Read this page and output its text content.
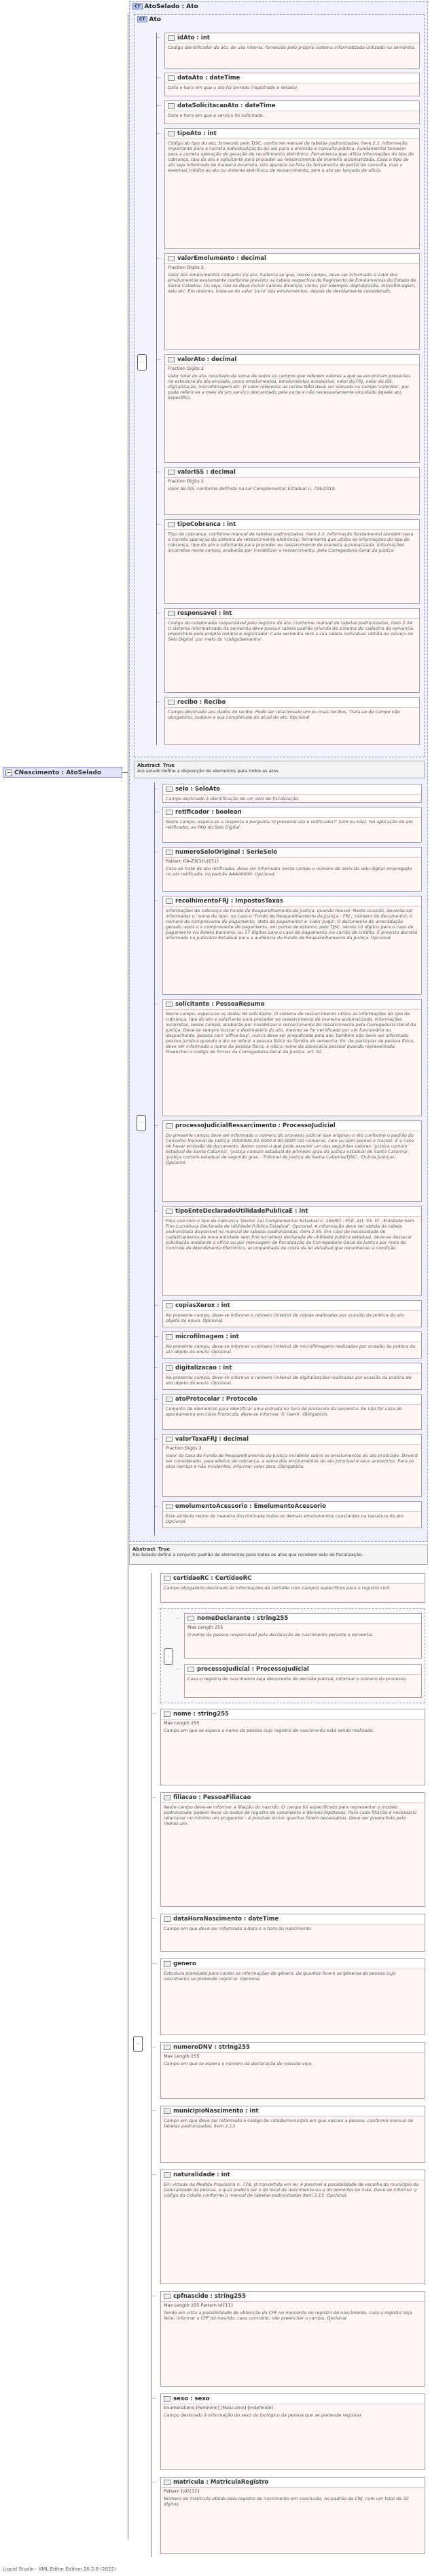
− CNascimento : AtoSelado
CT AtoSelado : Ato
CT Ato
⋯
idAto : int
Código identificador do ato, de uso interno, fornecido pelo próprio sistema informatizado utilizado na serventia.
—
dataAto : dateTime
Data e hora em que o ato foi lavrado (registrado e selado).
—
dataSolicitacaoAto : dateTime
Data e hora em que o serviço foi solicitado.
—
tipoAto : int
Código do tipo do ato, fornecido pelo TJSC, conforme manual de tabelas padronizadas, item 2.1. Informação importante para a correta individualização do ato para a emissão e consulta pública. Fundamental também para a correta operação de geração de recolhimento eletrônico. Ferramenta que utiliza informações do tipo de cobrança, tipo do ato e solicitante para proceder ao ressarcimento de maneira automatizada. Caso o tipo de ato seja informado de maneira incorreta, isto aparece na lista da ferramenta do portal de consulta, mas o eventual crédito ao ato no sistema eletrônico de ressarcimento, sem o ato ser lançado de ofício.
—
valorEmolumento : decimal
Fraction Digits 2
Valor dos emolumentos cobrados no ato. Salienta-se que, nesse campo, deve ser informado o valor dos emolumentos exatamente conforme previsto na tabela respectiva do Regimento de Emolumentos do Estado de Santa Catarina. Ou seja, não se deve incluir valores diversos, como, por exemplo, digitalização, microfilmagem, selo etc. Em resumo, trata-se do valor 'puro' dos emolumentos, depois de devidamente considerado.
—
valorAto : decimal
Fraction Digits 2
Valor total do ato, resultado da soma de todos os campos que referem valores a que se encontram presentes na estrutura do ato enviado, como emolumentos, emolumentos acessórios, valor do FRJ, valor do ISS, digitalização, microfilmagem etc. O valor referente ao recibo NÃO deve ser somado no campo 'valorAto', por pode referir-se a mais de um serviço demandado pela parte e não necessariamente vinculado àquele ato específico.
—
valorISS : decimal
Fraction Digits 2
Valor do ISS, conforme definido na Lei Complementar Estadual n. 726/2018.
—
tipoCobranca : int
Tipo de cobrança, conforme manual de tabelas padronizadas, item 2.2. Informação fundamental também para a correta operação do sistema de ressarcimento eletrônico, ferramenta que utiliza as informações do tipo de cobrança, tipo do ato e solicitante para proceder ao ressarcimento de maneira automatizada. Informações incorretas neste campo, acabarão por inviabilizar o ressarcimento, pela Corregedoria-Geral da Justiça.
—
responsavel : int
Código do colaborador responsável pelo registro do ato, conforme manual de tabelas padronizadas, item 2.34. O sistema informatizado da serventia deve possuir tabela padrão oriunda do sistema do cadastro da serventia, preenchido pelo próprio notário e registrador. Cada serventia terá a sua tabela individual, obtida no serviço do Selo Digital, por meio do 'códigoServentia'.
—
recibo : Recibo
Campo destinado aos dados do recibo. Pode ser relacionado um ou mais recibos. Trata-se de campo não obrigatório, todavia a sua completude do atual do ato. Opcional.
—
Abstract True
Ato selado define a disposição de elementos para todos os atos.
⋯
selo : SeloAto
Campo destinado à identificação de um selo de fiscalização.
—
retificador : boolean
Neste campo, espera-se a resposta à pergunta 'O presente ato é retificador?' (sim ou não). Há aplicação do ato retificador, as FAQ do Selo Digital.
—
numeroSeloOriginal : SerieSelo
Pattern ([A-Z]{3}\d{5})
Caso se trate de ato retificador, deve ser informado nesse campo o número de série do selo digital empregado no ato retificado, no padrão AAA00000. Opcional.
—
recolhimentoFRJ : ImpostosTaxas
Informações de cobrança do Fundo de Reaparelhamento da Justiça, quando houver. Neste ocasião, deverão ser informados o 'nome do tipo', no caso o 'Fundo de Reaparelhamento da Justiça - FRJ'; 'número do documento', o número do comprovante de pagamento; 'data do pagamento' e 'valor pago'. O documento de arrecadação gerado, após o o comprovante de pagamento, em portal de estorno, pelo TJSC, sendo 10 dígitos para o caso de pagamento via boleto bancário, ou 17 dígitos para o caso de pagamento via cartão de crédito. É previsto decreto informado no Judiciário Estadual para a audiência do Fundo de Reaparelhamento da Justiça. Opcional.
—
solicitante : PessoaResumo
Neste campo, espera-se os dados do solicitante. O sistema de ressarcimento utiliza as informações do tipo de cobrança, tipo do ato e solicitante para proceder ao ressarcimento de maneira automatizada. Informações incorretas, nesse campo, acabarão por inviabilizar o ressarcimento do ressarcimento pela Corregedoria-Geral da Justiça. Deve-se sempre buscar o destinatário do ato, mesmo se for certificado por um funcionário ou despachante, pessoa com 'office-boy', nunca deve ser prejudicado pelo ato; também não deve ser informado pessoa jurídica quando o ato se referir a pessoa física da família da serventia: Ex: de particular de pessoa física, deve ser informado o nome da pessoa física, e não o nome da advocacia pessoal quando representada. Preencher o código de firmas da Corregedoria-Geral da Justiça, art. 52.
—
processoJudicialRessarcimento : ProcessoJudicial
Do presente campo deve ser informado o número do processo judicial que originou o ato conforme o padrão do Conselho Nacional de Justiça: 0000000-00.0000.0.00.0000 (20 números, com ou sem pontos e traços). É o caso de haver emissão de documento. Assim como o que pode assumir um dos seguintes valores: 'Justiça comum estadual de Santa Catarina', 'Justiça comum estadual de primeiro grau da justiça estadual de Santa Catarina', 'Justiça comum estadual de segundo grau - Tribunal de Justiça de Santa Catarina/TJSC', 'Outras Justiças'. Opcional.
—
tipoEnteDeclaradoUtilidadePublicaE : int
Para uso com o tipo de cobrança 'Isento: Lei Complementar Estadual n. 156/97 - FCE, Art. 55, VI - Entidade Sem Fins Lucrativos Declarada de Utilidade Pública Estadual'. Opcional. A informação deve ser obtida da tabela padronizada disponível no manual de tabelas padronizadas, item 2.35. Em caso de necessidade de cadastramento de nova entidade sem fins lucrativos declarada de utilidade pública estadual, deve-se destacar solicitação mediante o ofício ou por mensagem de fiscalização da Corregedoria-Geral da Justiça por meio do Controle de Atendimento Eletrônico, acompanhada de cópia da lei estadual que reconheceu a condição.
—
copiasXerox : int
No presente campo, deve-se informar o número (inteiro) de cópias realizadas por ocasião da prática do ato objeto do envio. Opcional.
—
microfilmagem : int
No presente campo, deve-se informar o número (inteiro) de microfilmagens realizadas por ocasião da prática do ato objeto do envio. Opcional.
—
digitalizacao : int
No presente campo, deve-se informar o número (inteiro) de digitalizações realizadas por ocasião da prática do ato objeto do envio. Opcional.
—
atoProtocolar : Protocolo
Conjunto de elementos para identificar uma entrada no livro de protocolo da serventia. Se não for caso de apontamento em Livro Protocolo, deve-se informar 'S' (sem). Obrigatório.
—
valorTaxaFRJ : decimal
Fraction Digits 2
Valor da taxa do Fundo de Reaparelhamento da Justiça incidente sobre os emolumentos do ato praticado. Deverá ser considerado, para efeitos de cobrança, a soma dos emolumentos do ato principal e seus acessórios. Para os atos isentos e não incidentes, informar valor zero. Obrigatório.
—
emolumentoAcessorio : EmolumentoAcessorio
Este atributo reúne de maneira discriminada todos os demais emolumentos constantes na lavratura do ato. Opcional.
—
Abstract True
Ato Selado define a conjunto padrão de elementos para todos os atos que recebem selo de fiscalização.
⋯
certidaoRC : CertidaoRC
Campo obrigatório destinado às informações da certidão com campos específicos para o registro civil.
⋮
nomeDeclarante : string255
Max Length 255
O nome da pessoa responsável pela declaração de nascimento perante a serventia.
—
processoJudicial : ProcessoJudicial
Caso o registro de nascimento seja decorrente de decisão judicial, informar o número do processo.
—
nome : string255
Max Length 255
Campo em que se espera o nome da pessoa cujo registro de nascimento está sendo realizado.
—
filiacao : PessoaFiliacao
Neste campo deve-se informar a filiação do nascido. O campo foi especificado para representar o modelo padronizado; podem levar os dados de registro de casamento e demais hipóteses. Para cada filiação é necessário relacionar no mínimo um progenitor - é possível incluir quantos forem necessários. Deve ser preenchido pelo menos um.
—
dataHoraNascimento : dateTime
Campo em que deve ser informada a data e a hora do nascimento.
—
genero
Estrutura planejada para conter as informações de gênero, de quantos forem os gêneros da pessoa cujo nascimento se pretende registrar. Opcional.
—
numeroDNV : string255
Max Length 255
Campo em que se espera o número da declaração de nascido vivo.
—
municipioNascimento : int
Campo em que deve ser informado o código de cidade/município em que nasceu a pessoa, conforme manual de tabelas padronizadas, item 2.13.
—
naturalidade : int
Em virtude da Medida Provisória n. 776, já convertida em lei, é possível a possibilidade de escolha do município da naturalidade da pessoa, o qual poderá ser o do local de nascimento ou o do domicílio da mãe. Deve-se informar o código da cidade conforme o manual de tabelas padronizadas item 2.13. Opcional.
—
cpfnascido : string255
Max Length 255 Pattern \d{11}
Tendo em vista a possibilidade de obtenção do CPF no momento do registro de nascimento, caso o registro seja feito, informar o CPF do nascido, caso contrário, não preencher o campo. Opcional.
—
sexo : sexo
Enumerations [Feminino] [Masculino] [Indefinido]
Campo destinado à informação do sexo do biológico da pessoa que se pretende registrar.
—
matricula : MatriculaRegistro
Pattern [\d]{32}
Número de matrícula obtido pelo registro de nascimento em conclusão, no padrão do CNJ, com um total de 32 dígitos.
—
Liquid Studio - XML Editor Edition 20.2.8 (2022)
